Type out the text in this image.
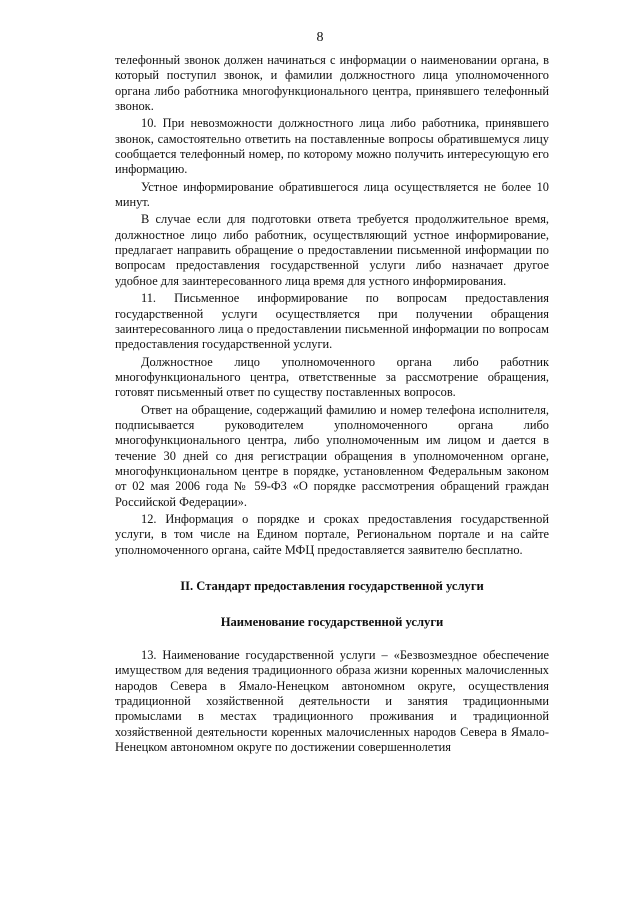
8

телефонный звонок должен начинаться с информации о наименовании органа, в который поступил звонок, и фамилии должностного лица уполномоченного органа либо работника многофункционального центра, принявшего телефонный звонок.

10. При невозможности должностного лица либо работника, принявшего звонок, самостоятельно ответить на поставленные вопросы обратившемуся лицу сообщается телефонный номер, по которому можно получить интересующую его информацию.

Устное информирование обратившегося лица осуществляется не более 10 минут.

В случае если для подготовки ответа требуется продолжительное время, должностное лицо либо работник, осуществляющий устное информирование, предлагает направить обращение о предоставлении письменной информации по вопросам предоставления государственной услуги либо назначает другое удобное для заинтересованного лица время для устного информирования.

11. Письменное информирование по вопросам предоставления государственной услуги осуществляется при получении обращения заинтересованного лица о предоставлении письменной информации по вопросам предоставления государственной услуги.

Должностное лицо уполномоченного органа либо работник многофункционального центра, ответственные за рассмотрение обращения, готовят письменный ответ по существу поставленных вопросов.

Ответ на обращение, содержащий фамилию и номер телефона исполнителя, подписывается руководителем уполномоченного органа либо многофункционального центра, либо уполномоченным им лицом и дается в течение 30 дней со дня регистрации обращения в уполномоченном органе, многофункциональном центре в порядке, установленном Федеральным законом от 02 мая 2006 года № 59-ФЗ «О порядке рассмотрения обращений граждан Российской Федерации».

12. Информация о порядке и сроках предоставления государственной услуги, в том числе на Едином портале, Региональном портале и на сайте уполномоченного органа, сайте МФЦ предоставляется заявителю бесплатно.

II. Стандарт предоставления государственной услуги

Наименование государственной услуги

13. Наименование государственной услуги – «Безвозмездное обеспечение имуществом для ведения традиционного образа жизни коренных малочисленных народов Севера в Ямало-Ненецком автономном округе, осуществления традиционной хозяйственной деятельности и занятия традиционными промыслами в местах традиционного проживания и традиционной хозяйственной деятельности коренных малочисленных народов Севера в Ямало-Ненецком автономном округе по достижении совершеннолетия
